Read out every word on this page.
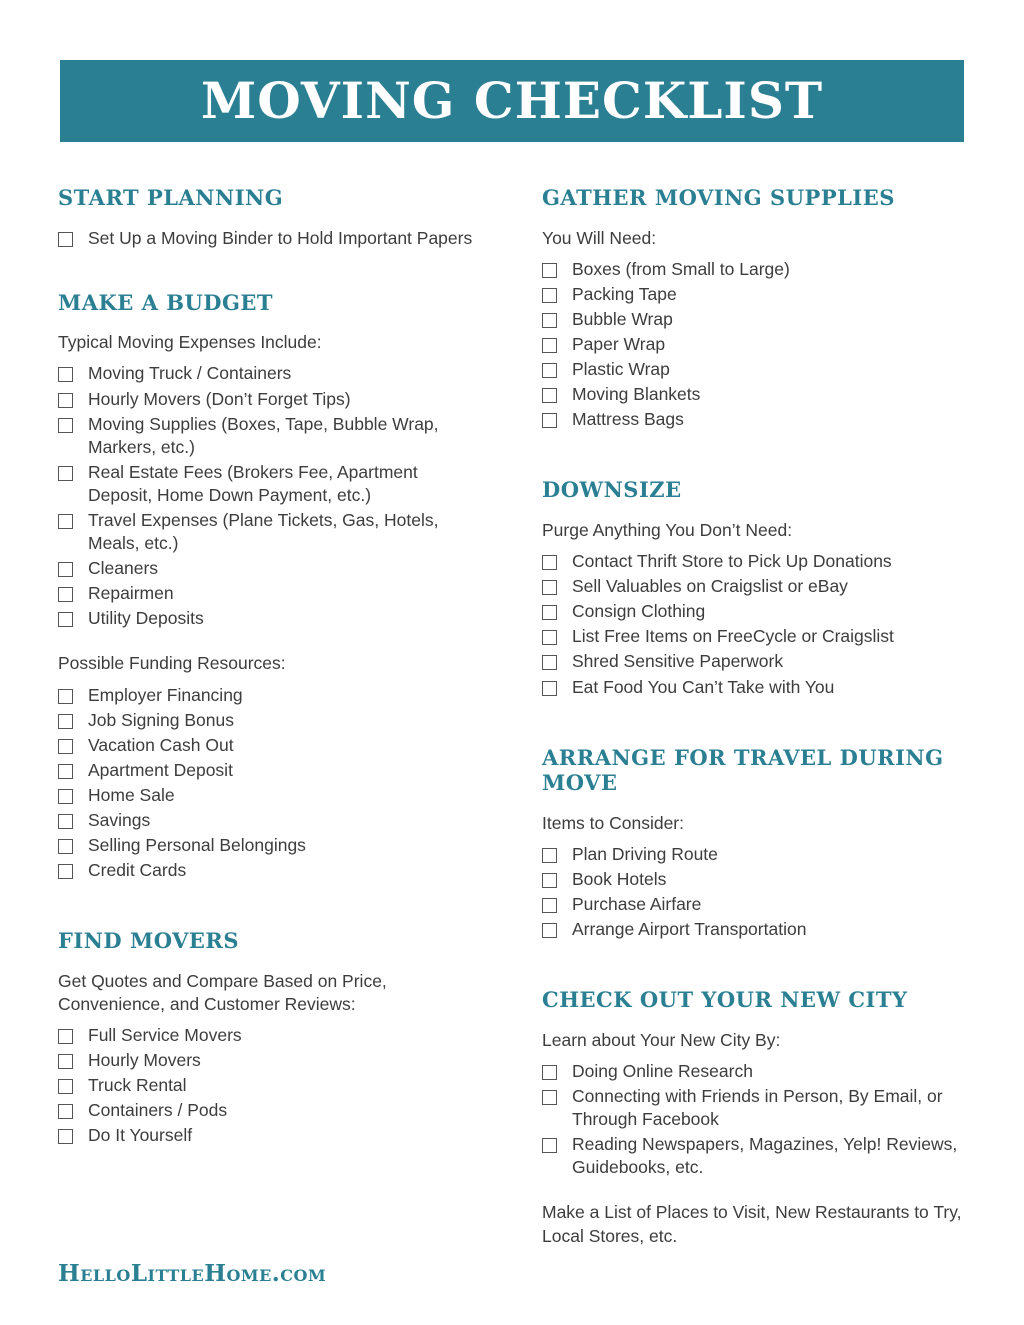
MOVING CHECKLIST
START PLANNING
Set Up a Moving Binder to Hold Important Papers
MAKE A BUDGET
Typical Moving Expenses Include:
Moving Truck / Containers
Hourly Movers (Don’t Forget Tips)
Moving Supplies (Boxes, Tape, Bubble Wrap, Markers, etc.)
Real Estate Fees (Brokers Fee, Apartment Deposit, Home Down Payment, etc.)
Travel Expenses (Plane Tickets, Gas, Hotels, Meals, etc.)
Cleaners
Repairmen
Utility Deposits
Possible Funding Resources:
Employer Financing
Job Signing Bonus
Vacation Cash Out
Apartment Deposit
Home Sale
Savings
Selling Personal Belongings
Credit Cards
FIND MOVERS
Get Quotes and Compare Based on Price, Convenience, and Customer Reviews:
Full Service Movers
Hourly Movers
Truck Rental
Containers / Pods
Do It Yourself
GATHER MOVING SUPPLIES
You Will Need:
Boxes (from Small to Large)
Packing Tape
Bubble Wrap
Paper Wrap
Plastic Wrap
Moving Blankets
Mattress Bags
DOWNSIZE
Purge Anything You Don’t Need:
Contact Thrift Store to Pick Up Donations
Sell Valuables on Craigslist or eBay
Consign Clothing
List Free Items on FreeCycle or Craigslist
Shred Sensitive Paperwork
Eat Food You Can’t Take with You
ARRANGE FOR TRAVEL DURING MOVE
Items to Consider:
Plan Driving Route
Book Hotels
Purchase Airfare
Arrange Airport Transportation
CHECK OUT YOUR NEW CITY
Learn about Your New City By:
Doing Online Research
Connecting with Friends in Person, By Email, or Through Facebook
Reading Newspapers, Magazines, Yelp! Reviews, Guidebooks, etc.
Make a List of Places to Visit, New Restaurants to Try, Local Stores, etc.
HelloLittleHome.com
